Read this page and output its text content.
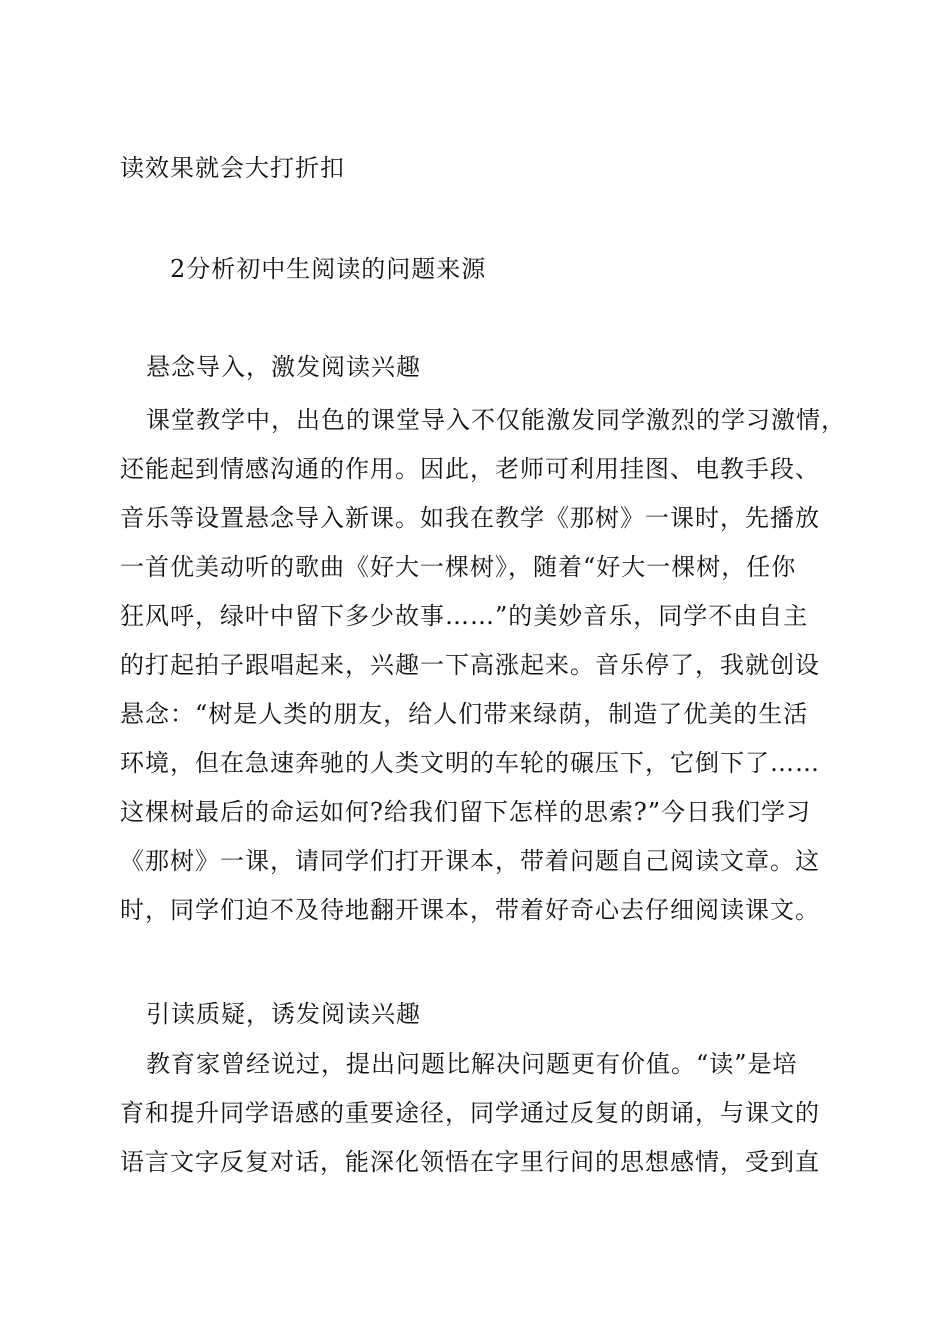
读效果就会大打折扣
2分析初中生阅读的问题来源
悬念导入，激发阅读兴趣
课堂教学中，出色的课堂导入不仅能激发同学激烈的学习激情，
还能起到情感沟通的作用。因此，老师可利用挂图、电教手段、
音乐等设置悬念导入新课。如我在教学《那树》一课时，先播放
一首优美动听的歌曲《好大一棵树》，随着“好大一棵树，任你
狂风呼，绿叶中留下多少故事……”的美妙音乐，同学不由自主
的打起拍子跟唱起来，兴趣一下高涨起来。音乐停了，我就创设
悬念：“树是人类的朋友，给人们带来绿荫，制造了优美的生活
环境，但在急速奔驰的人类文明的车轮的碾压下，它倒下了……
这棵树最后的命运如何?给我们留下怎样的思索?”今日我们学习
《那树》一课，请同学们打开课本，带着问题自己阅读文章。这
时，同学们迫不及待地翻开课本，带着好奇心去仔细阅读课文。
引读质疑，诱发阅读兴趣
教育家曾经说过，提出问题比解决问题更有价值。“读”是培
育和提升同学语感的重要途径，同学通过反复的朗诵，与课文的
语言文字反复对话，能深化领悟在字里行间的思想感情，受到直
